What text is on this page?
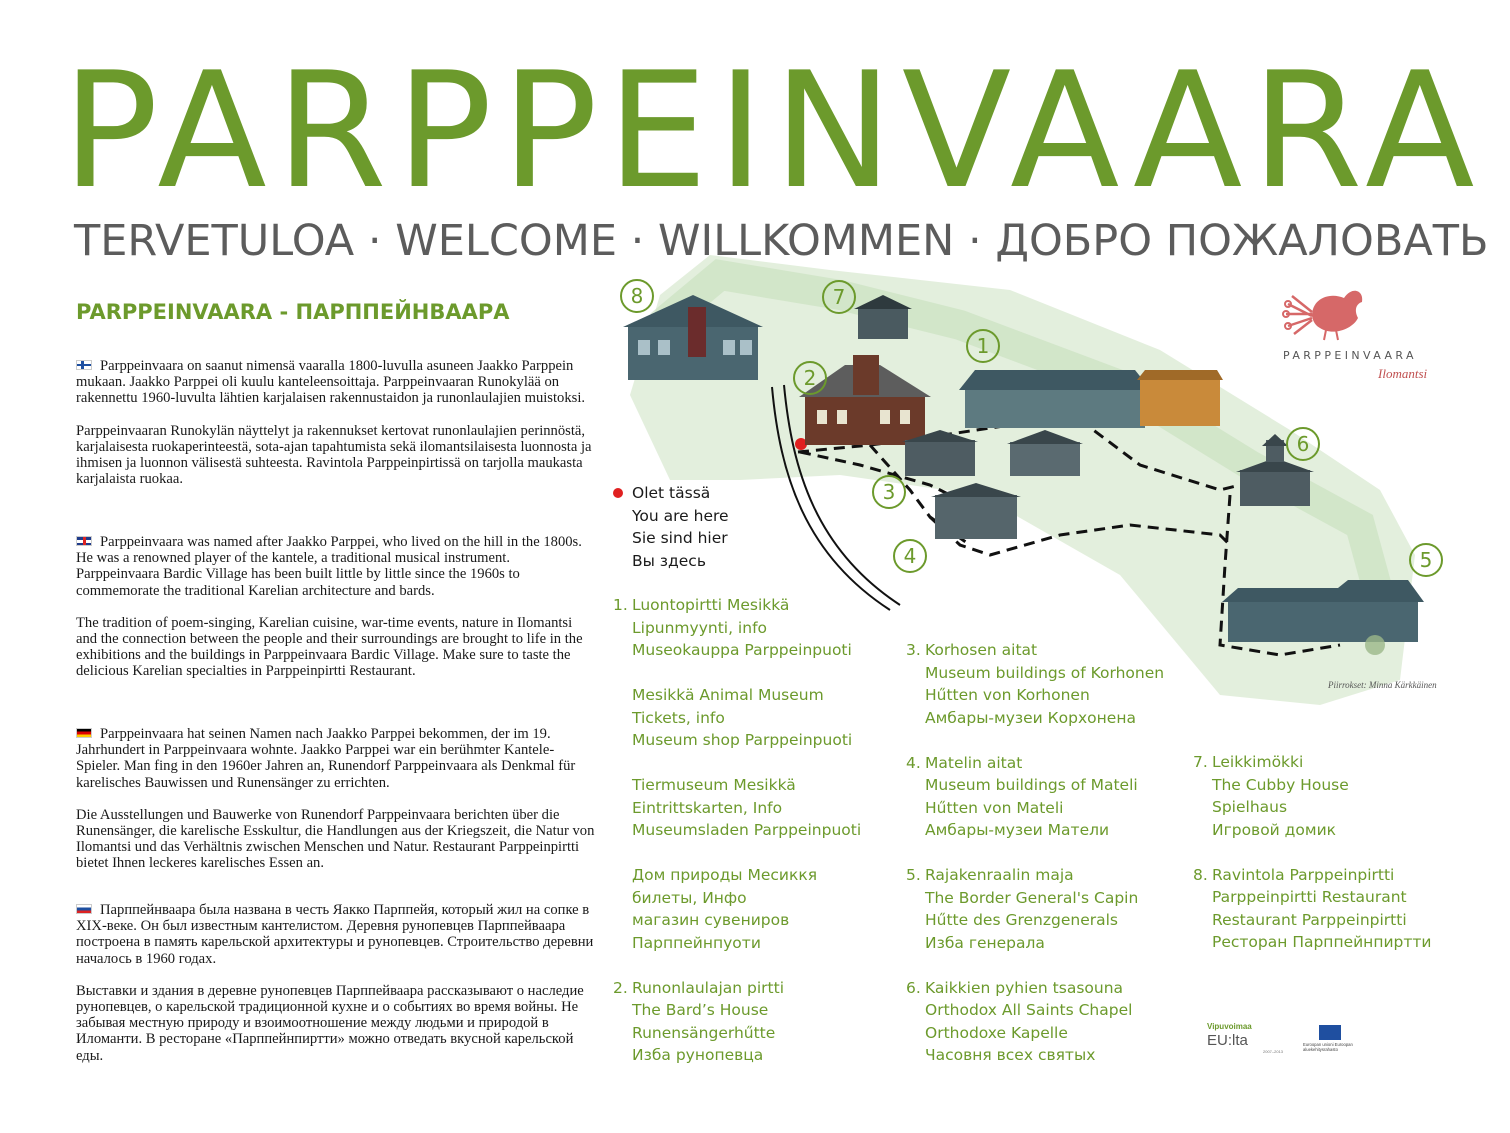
PARPPEINVAARA
TERVETULOA · WELCOME · WILLKOMMEN · ДОБРО ПОЖАЛОВАТЬ
PARPPEINVAARA - ПАРППЕЙНВААРА

Parppeinvaara on saanut nimensä vaaralla 1800-luvulla asuneen Jaakko Parppein mukaan. Jaakko Parppei oli kuulu kanteleensoittaja. Parppeinvaaran Runokylää on rakennettu 1960-luvulta lähtien karjalaisen rakennustaidon ja runonlaulajien muistoksi.

Parppeinvaaran Runokylän näyttelyt ja rakennukset kertovat runonlaulajien perinnöstä, karjalaisesta ruokaperinteestä, sota-ajan tapahtumista sekä ilomantsilaisesta luonnosta ja ihmisen ja luonnon välisestä suhteesta. Ravintola Parppeinpirtissä on tarjolla maukasta karjalaista ruokaa.

Parppeinvaara was named after Jaakko Parppei, who lived on the hill in the 1800s. He was a renowned player of the kantele, a traditional musical instrument. Parppeinvaara Bardic Village has been built little by little since the 1960s to commemorate the traditional Karelian architecture and bards.

The tradition of poem-singing, Karelian cuisine, war-time events, nature in Ilomantsi and the connection between the people and their surroundings are brought to life in the exhibitions and the buildings in Parppeinvaara Bardic Village. Make sure to taste the delicious Karelian specialties in Parppeinpirtti Restaurant.

Parppeinvaara hat seinen Namen nach Jaakko Parppei bekommen, der im 19. Jahrhundert in Parppeinvaara wohnte. Jaakko Parppei war ein berühmter Kantele-Spieler. Man fing in den 1960er Jahren an, Runendorf Parppeinvaara als Denkmal für karelisches Bauwissen und Runensänger zu errichten.

Die Ausstellungen und Bauwerke von Runendorf Parppeinvaara berichten über die Runensänger, die karelische Esskultur, die Handlungen aus der Kriegszeit, die Natur von Ilomantsi und das Verhältnis zwischen Menschen und Natur. Restaurant Parppeinpirtti bietet Ihnen leckeres karelisches Essen an.

Парппейнваара была названа в честь Яакко Парппейя, который жил на сопке в XIX-веке. Он был известным кантелистом. Деревня рунопевцев Парппейваара построена в память карельской архитектуры и рунопевцев. Строительство деревни началось в 1960 годах.

Выставки и здания в деревне рунопевцев Парппейваара рассказывают о наследие рунопевцев, о карельской традиционной кухне и о событиях во время войны. Не забывая местную природу и взоимоотношение между людьми и природой в Иломанти. В ресторане «Парппейнпиртти» можно отведать вкусной карельской еды.

8	7
1
2
6
3
4	5
Piirrokset: Minna Kärkkäinen
PARPPEINVAARA
Ilomantsi
Olet tässä
You are here
Sie sind hier
Вы здесь
1. Luontopirtti Mesikkä
Lipunmyynti, info
Museokauppa Parppeinpuoti
Mesikkä Animal Museum
Tickets, info
Museum shop Parppeinpuoti
Tiermuseum Mesikkä
Eintrittskarten, Info
Museumsladen Parppeinpuoti
Дом природы Месиккя
билеты, Инфо
магазин сувениров
Парппейнпуоти
2. Runonlaulajan pirtti
The Bard’s House
Runensängerhűtte
Изба рунопевца
3. Korhosen aitat
Museum buildings of Korhonen
Hűtten von Korhonen
Амбары-музеи Корхонена
4. Matelin aitat
Museum buildings of Mateli
Hűtten von Mateli
Амбары-музеи Матели
5. Rajakenraalin maja
The Border General's Capin
Hűtte des Grenzgenerals
Изба генерала
6. Kaikkien pyhien tsasouna
Orthodox All Saints Chapel
Orthodoxe Kapelle
Часовня всех святых
7. Leikkimökki
The Cubby House
Spielhaus
Игровой домик
8. Ravintola Parppeinpirtti
Parppeinpirtti Restaurant
Restaurant Parppeinpirtti
Ресторан Парппейнпиртти
Vipuvoimaa
EU:lta
2007–2013
Euroopan unioni Euroopan aluekehitysrahasto
